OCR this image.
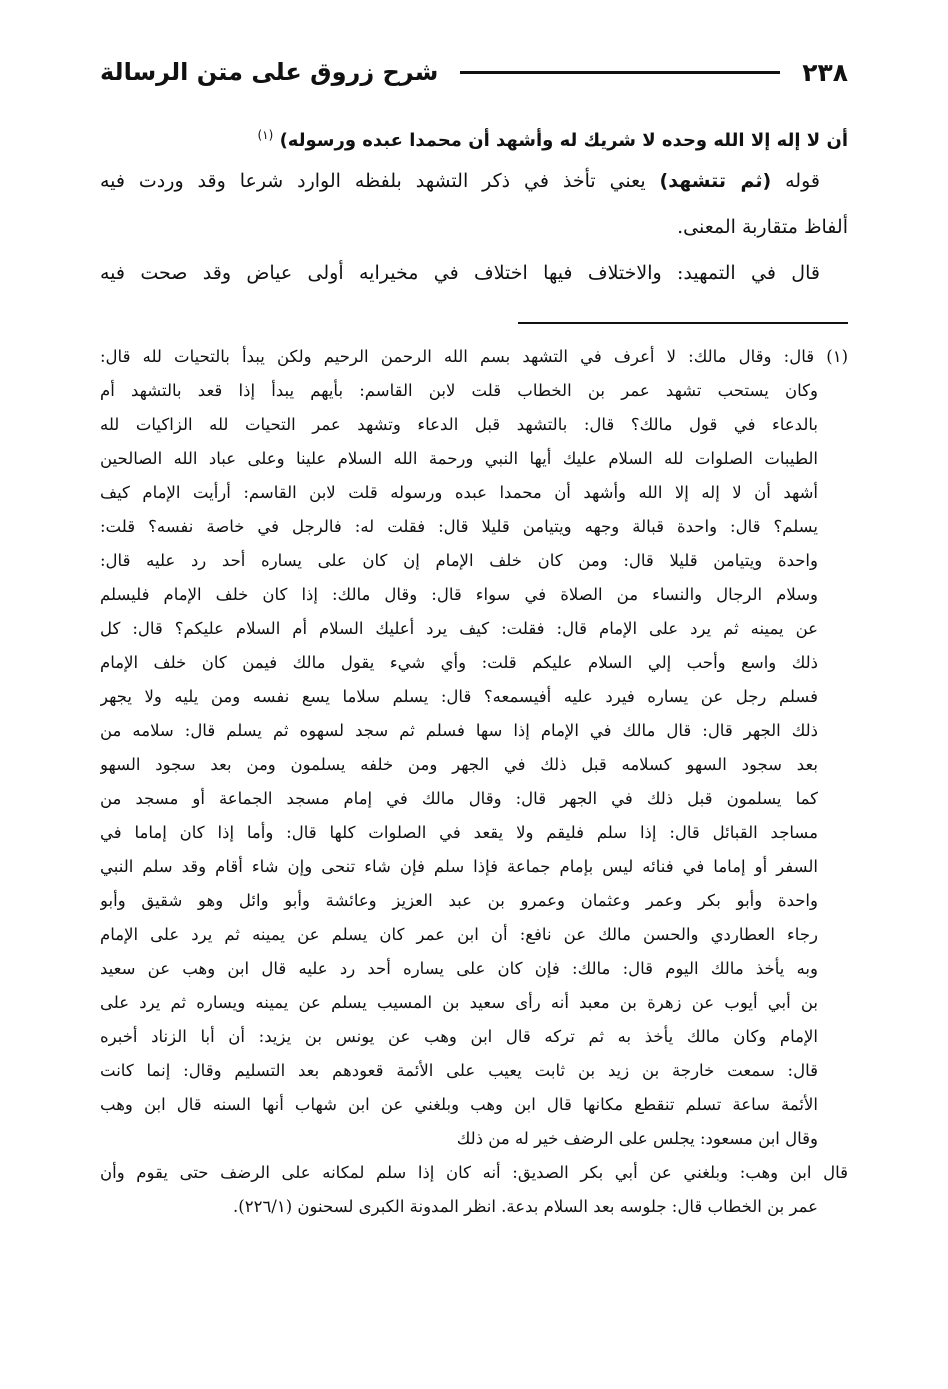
٢٣٨
شرح زروق على متن الرسالة
أن لا إله إلا الله وحده لا شريك له وأشهد أن محمدا عبده ورسوله) $^{(١)}$
قوله (ثم تتشهد) يعني تأخذ في ذكر التشهد بلفظه الوارد شرعا وقد وردت فيه
ألفاظ متقاربة المعنى.
قال في التمهيد: والاختلاف فيها اختلاف في مخيرايه أولى عياض وقد صحت فيه
(١) قال: وقال مالك: لا أعرف في التشهد بسم الله الرحمن الرحيم ولكن يبدأ بالتحيات لله قال:
وكان يستحب تشهد عمر بن الخطاب قلت لابن القاسم: بأيهم يبدأ إذا قعد بالتشهد أم
بالدعاء في قول مالك؟ قال: بالتشهد قبل الدعاء وتشهد عمر التحيات لله الزاكيات لله
الطيبات الصلوات لله السلام عليك أيها النبي ورحمة الله السلام علينا وعلى عباد الله الصالحين
أشهد أن لا إله إلا الله وأشهد أن محمدا عبده ورسوله قلت لابن القاسم: أرأيت الإمام كيف
يسلم؟ قال: واحدة قبالة وجهه ويتيامن قليلا قال: فقلت له: فالرجل في خاصة نفسه؟ قلت:
واحدة ويتيامن قليلا قال: ومن كان خلف الإمام إن كان على يساره أحد رد عليه قال:
وسلام الرجال والنساء من الصلاة في سواء قال: وقال مالك: إذا كان خلف الإمام فليسلم
عن يمينه ثم يرد على الإمام قال: فقلت: كيف يرد أعليك السلام أم السلام عليكم؟ قال: كل
ذلك واسع وأحب إلي السلام عليكم قلت: وأي شيء يقول مالك فيمن كان خلف الإمام
فسلم رجل عن يساره فيرد عليه أفيسمعه؟ قال: يسلم سلاما يسع نفسه ومن يليه ولا يجهر
ذلك الجهر قال: قال مالك في الإمام إذا سها فسلم ثم سجد لسهوه ثم يسلم قال: سلامه من
بعد سجود السهو كسلامه قبل ذلك في الجهر ومن خلفه يسلمون ومن بعد سجود السهو
كما يسلمون قبل ذلك في الجهر قال: وقال مالك في إمام مسجد الجماعة أو مسجد من
مساجد القبائل قال: إذا سلم فليقم ولا يقعد في الصلوات كلها قال: وأما إذا كان إماما في
السفر أو إماما في فنائه ليس بإمام جماعة فإذا سلم فإن شاء تنحى وإن شاء أقام وقد سلم النبي
واحدة وأبو بكر وعمر وعثمان وعمرو بن عبد العزيز وعائشة وأبو وائل وهو شقيق وأبو
رجاء العطاردي والحسن مالك عن نافع: أن ابن عمر كان يسلم عن يمينه ثم يرد على الإمام
وبه يأخذ مالك اليوم قال: مالك: فإن كان على يساره أحد رد عليه قال ابن وهب عن سعيد
بن أبي أيوب عن زهرة بن معبد أنه رأى سعيد بن المسيب يسلم عن يمينه ويساره ثم يرد على
الإمام وكان مالك يأخذ به ثم تركه قال ابن وهب عن يونس بن يزيد: أن أبا الزناد أخبره
قال: سمعت خارجة بن زيد بن ثابت يعيب على الأئمة قعودهم بعد التسليم وقال: إنما كانت
الأئمة ساعة تسلم تنقطع مكانها قال ابن وهب وبلغني عن ابن شهاب أنها السنه قال ابن وهب
وقال ابن مسعود: يجلس على الرضف خير له من ذلك
قال ابن وهب: وبلغني عن أبي بكر الصديق: أنه كان إذا سلم لمكانه على الرضف حتى يقوم وأن
عمر بن الخطاب قال: جلوسه بعد السلام بدعة. انظر المدونة الكبرى لسحنون (٢٢٦/١).
